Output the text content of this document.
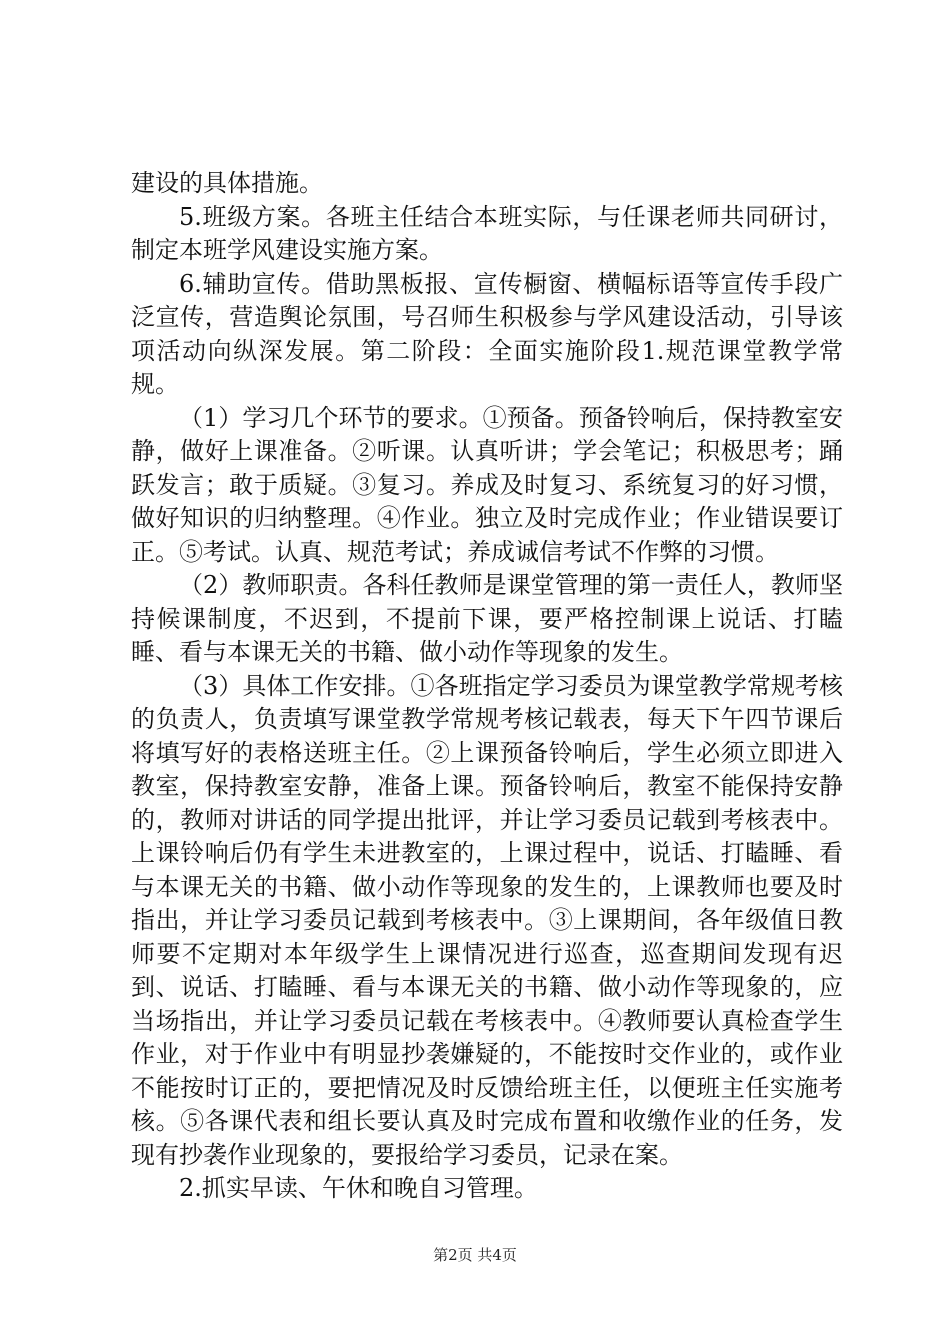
建设的具体措施。

5.班级方案。各班主任结合本班实际，与任课老师共同研讨，制定本班学风建设实施方案。

6.辅助宣传。借助黑板报、宣传橱窗、横幅标语等宣传手段广泛宣传，营造舆论氛围，号召师生积极参与学风建设活动，引导该项活动向纵深发展。第二阶段：全面实施阶段1.规范课堂教学常规。

（1）学习几个环节的要求。①预备。预备铃响后，保持教室安静，做好上课准备。②听课。认真听讲；学会笔记；积极思考；踊跃发言；敢于质疑。③复习。养成及时复习、系统复习的好习惯，做好知识的归纳整理。④作业。独立及时完成作业；作业错误要订正。⑤考试。认真、规范考试；养成诚信考试不作弊的习惯。

（2）教师职责。各科任教师是课堂管理的第一责任人，教师坚持候课制度，不迟到，不提前下课，要严格控制课上说话、打瞌睡、看与本课无关的书籍、做小动作等现象的发生。

（3）具体工作安排。①各班指定学习委员为课堂教学常规考核的负责人，负责填写课堂教学常规考核记载表，每天下午四节课后将填写好的表格送班主任。②上课预备铃响后，学生必须立即进入教室，保持教室安静，准备上课。预备铃响后，教室不能保持安静的，教师对讲话的同学提出批评，并让学习委员记载到考核表中。上课铃响后仍有学生未进教室的，上课过程中，说话、打瞌睡、看与本课无关的书籍、做小动作等现象的发生的，上课教师也要及时指出，并让学习委员记载到考核表中。③上课期间，各年级值日教师要不定期对本年级学生上课情况进行巡查，巡查期间发现有迟到、说话、打瞌睡、看与本课无关的书籍、做小动作等现象的，应当场指出，并让学习委员记载在考核表中。④教师要认真检查学生作业，对于作业中有明显抄袭嫌疑的，不能按时交作业的，或作业不能按时订正的，要把情况及时反馈给班主任，以便班主任实施考核。⑤各课代表和组长要认真及时完成布置和收缴作业的任务，发现有抄袭作业现象的，要报给学习委员，记录在案。

2.抓实早读、午休和晚自习管理。

第2页 共4页
